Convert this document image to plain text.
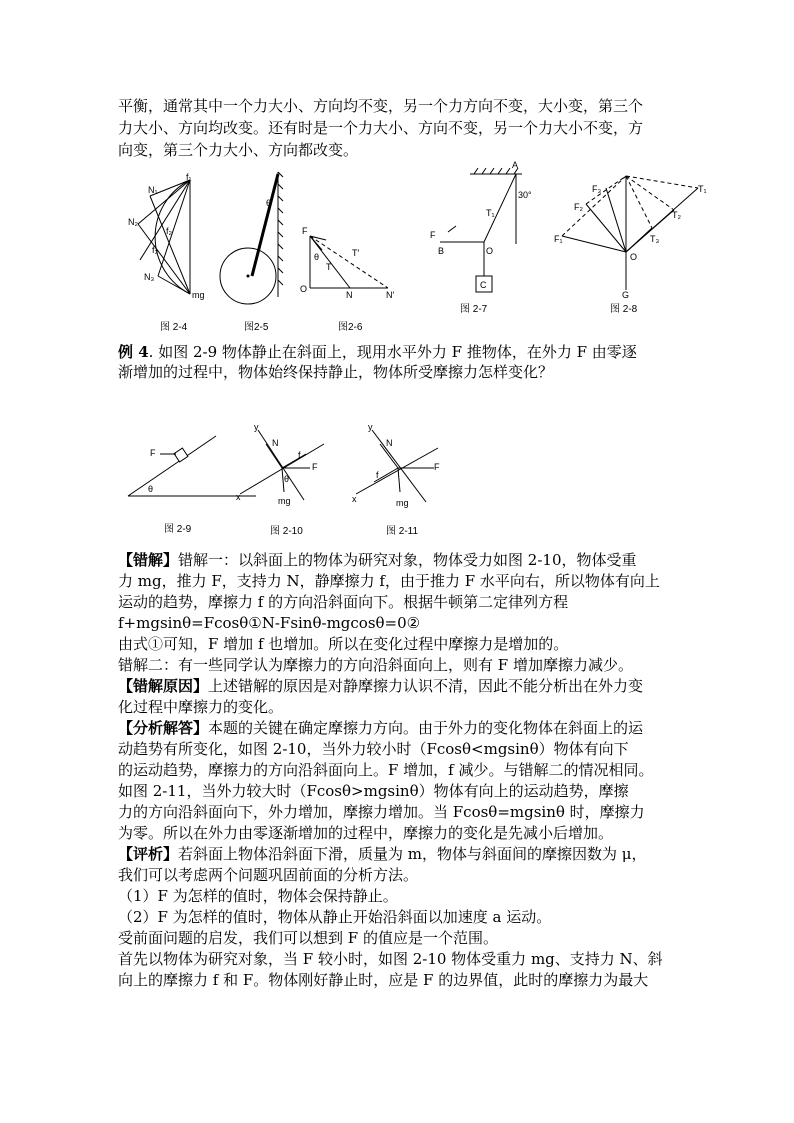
平衡，通常其中一个力大小、方向均不变，另一个力方向不变，大小变，第三个
力大小、方向均改变。还有时是一个力大小、方向不变，另一个力大小不变，方
向变，第三个力大小、方向都改变。
N₁
N₂
N₃
f₁
f₂
f₃
mg
图 2-4
θ
图2-5
F
θ
T
T′
O
N	N′
图2-6
A
30°
T₁
F
B	O
C
图 2-7
F₃
F₂
F₁
T₁
T₂
T₃
O
G
图 2-8
例 4. 如图 2-9 物体静止在斜面上，现用水平外力 F 推物体，在外力 F 由零逐
渐增加的过程中，物体始终保持静止，物体所受摩擦力怎样变化？
F
θ
图 2-9
y
N
f
F
θ
x	mg
图 2-10
y
N
f
F
x	mg
图 2-11
【错解】错解一：以斜面上的物体为研究对象，物体受力如图 2-10，物体受重
力 mg，推力 F，支持力 N，静摩擦力 f，由于推力 F 水平向右，所以物体有向上
运动的趋势，摩擦力 f 的方向沿斜面向下。根据牛顿第二定律列方程
f+mgsinθ=Fcosθ①N-Fsinθ-mgcosθ=0②
由式①可知，F 增加 f 也增加。所以在变化过程中摩擦力是增加的。
错解二：有一些同学认为摩擦力的方向沿斜面向上，则有 F 增加摩擦力减少。
【错解原因】上述错解的原因是对静摩擦力认识不清，因此不能分析出在外力变
化过程中摩擦力的变化。
【分析解答】本题的关键在确定摩擦力方向。由于外力的变化物体在斜面上的运
动趋势有所变化，如图 2-10，当外力较小时（Fcosθ<mgsinθ）物体有向下
的运动趋势，摩擦力的方向沿斜面向上。F 增加，f 减少。与错解二的情况相同。
如图 2-11，当外力较大时（Fcosθ>mgsinθ）物体有向上的运动趋势，摩擦
力的方向沿斜面向下，外力增加，摩擦力增加。当 Fcosθ=mgsinθ 时，摩擦力
为零。所以在外力由零逐渐增加的过程中，摩擦力的变化是先减小后增加。
【评析】若斜面上物体沿斜面下滑，质量为 m，物体与斜面间的摩擦因数为 μ，
我们可以考虑两个问题巩固前面的分析方法。
（1）F 为怎样的值时，物体会保持静止。
（2）F 为怎样的值时，物体从静止开始沿斜面以加速度 a 运动。
受前面问题的启发，我们可以想到 F 的值应是一个范围。
首先以物体为研究对象，当 F 较小时，如图 2-10 物体受重力 mg、支持力 N、斜
向上的摩擦力 f 和 F。物体刚好静止时，应是 F 的边界值，此时的摩擦力为最大
